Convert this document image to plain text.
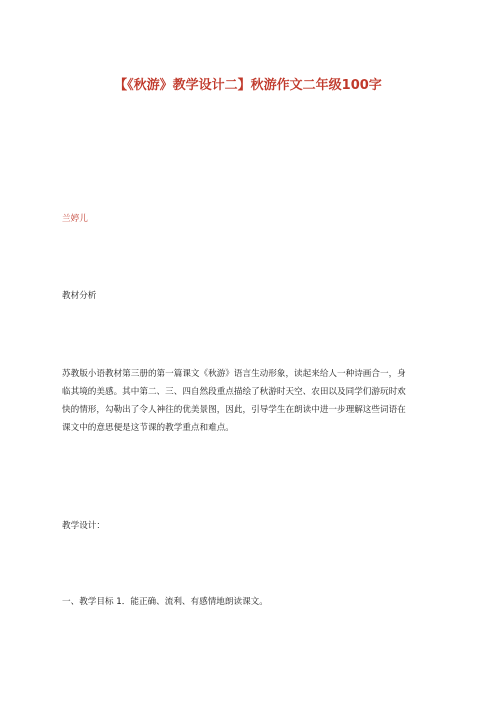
【《秋游》教学设计二】秋游作文二年级100字
兰婷儿
教材分析
苏教版小语教材第三册的第一篇课文《秋游》语言生动形象，读起来给人一种诗画合一，身
临其境的美感。其中第二、三、四自然段重点描绘了秋游时天空、农田以及同学们游玩时欢
快的情形，勾勒出了令人神往的优美景图，因此，引导学生在朗读中进一步理解这些词语在
课文中的意思便是这节课的教学重点和难点。
教学设计：
一、教学目标 1．能正确、流利、有感情地朗读课文。
